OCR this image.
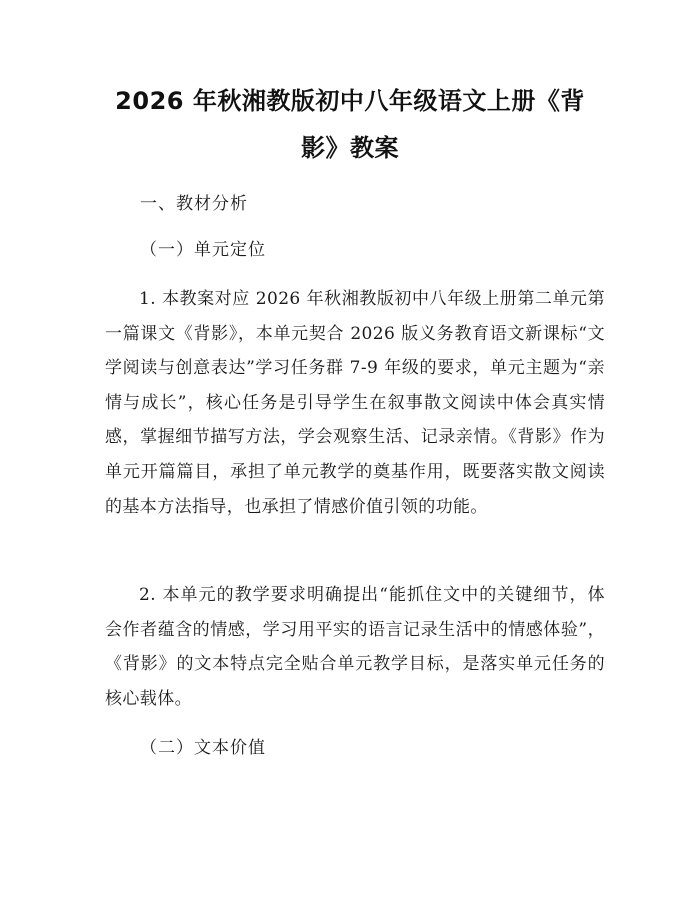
2026 年秋湘教版初中八年级语文上册《背
影》教案
一、教材分析
（一）单元定位

1. 本教案对应 2026 年秋湘教版初中八年级上册第二单元第一篇课文《背影》，本单元契合 2026 版义务教育语文新课标“文学阅读与创意表达”学习任务群 7-9 年级的要求，单元主题为“亲情与成长”，核心任务是引导学生在叙事散文阅读中体会真实情感，掌握细节描写方法，学会观察生活、记录亲情。《背影》作为单元开篇篇目，承担了单元教学的奠基作用，既要落实散文阅读的基本方法指导，也承担了情感价值引领的功能。

2. 本单元的教学要求明确提出“能抓住文中的关键细节，体会作者蕴含的情感，学习用平实的语言记录生活中的情感体验”，《背影》的文本特点完全贴合单元教学目标，是落实单元任务的核心载体。

（二）文本价值
